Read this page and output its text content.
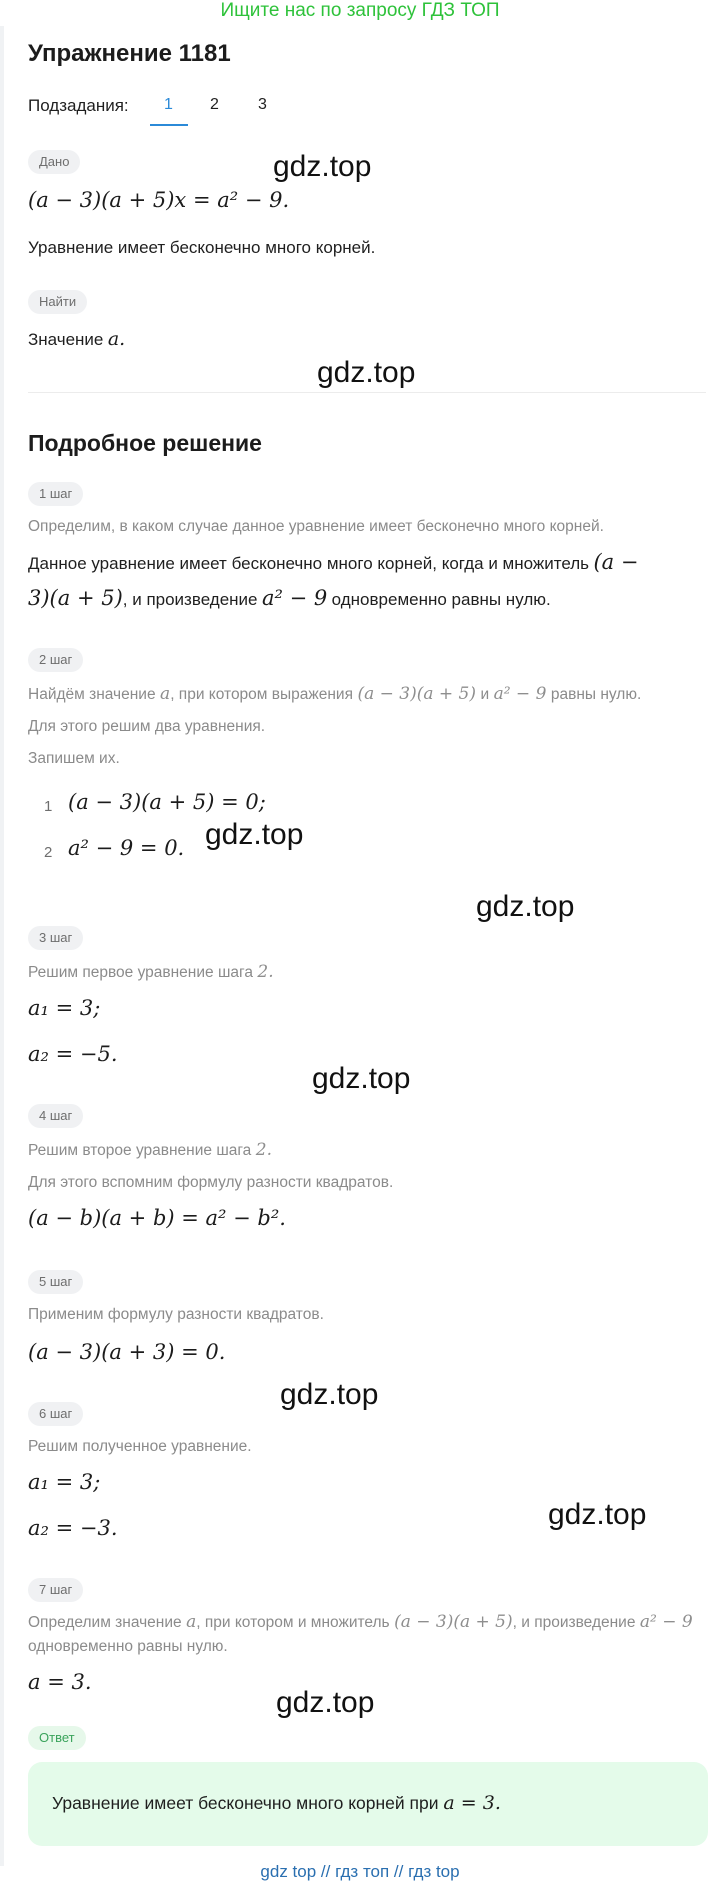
Ищите нас по запросу ГДЗ ТОП
Упражнение 1181
Подзадания: 1 2 3
Дано
(a − 3)(a + 5)x = a² − 9.
Уравнение имеет бесконечно много корней.
Найти
Значение a.
Подробное решение
1 шаг
Определим, в каком случае данное уравнение имеет бесконечно много корней.
Данное уравнение имеет бесконечно много корней, когда и множитель (a −
3)(a + 5), и произведение a² − 9 одновременно равны нулю.
2 шаг
Найдём значение a, при котором выражения (a − 3)(a + 5) и a² − 9 равны нулю.
Для этого решим два уравнения.
Запишем их.
1 (a − 3)(a + 5) = 0;
2 a² − 9 = 0.
3 шаг
Решим первое уравнение шага 2.
a₁ = 3;
a₂ = −5.
4 шаг
Решим второе уравнение шага 2.
Для этого вспомним формулу разности квадратов.
(a − b)(a + b) = a² − b².
5 шаг
Применим формулу разности квадратов.
(a − 3)(a + 3) = 0.
6 шаг
Решим полученное уравнение.
a₁ = 3;
a₂ = −3.
7 шаг
Определим значение a, при котором и множитель (a − 3)(a + 5), и произведение a² − 9
одновременно равны нулю.
a = 3.
Ответ
Уравнение имеет бесконечно много корней при a = 3.
gdz.top
gdz.top
gdz.top
gdz.top
gdz.top
gdz.top
gdz.top
gdz.top
gdz top // гдз топ // гдз top
